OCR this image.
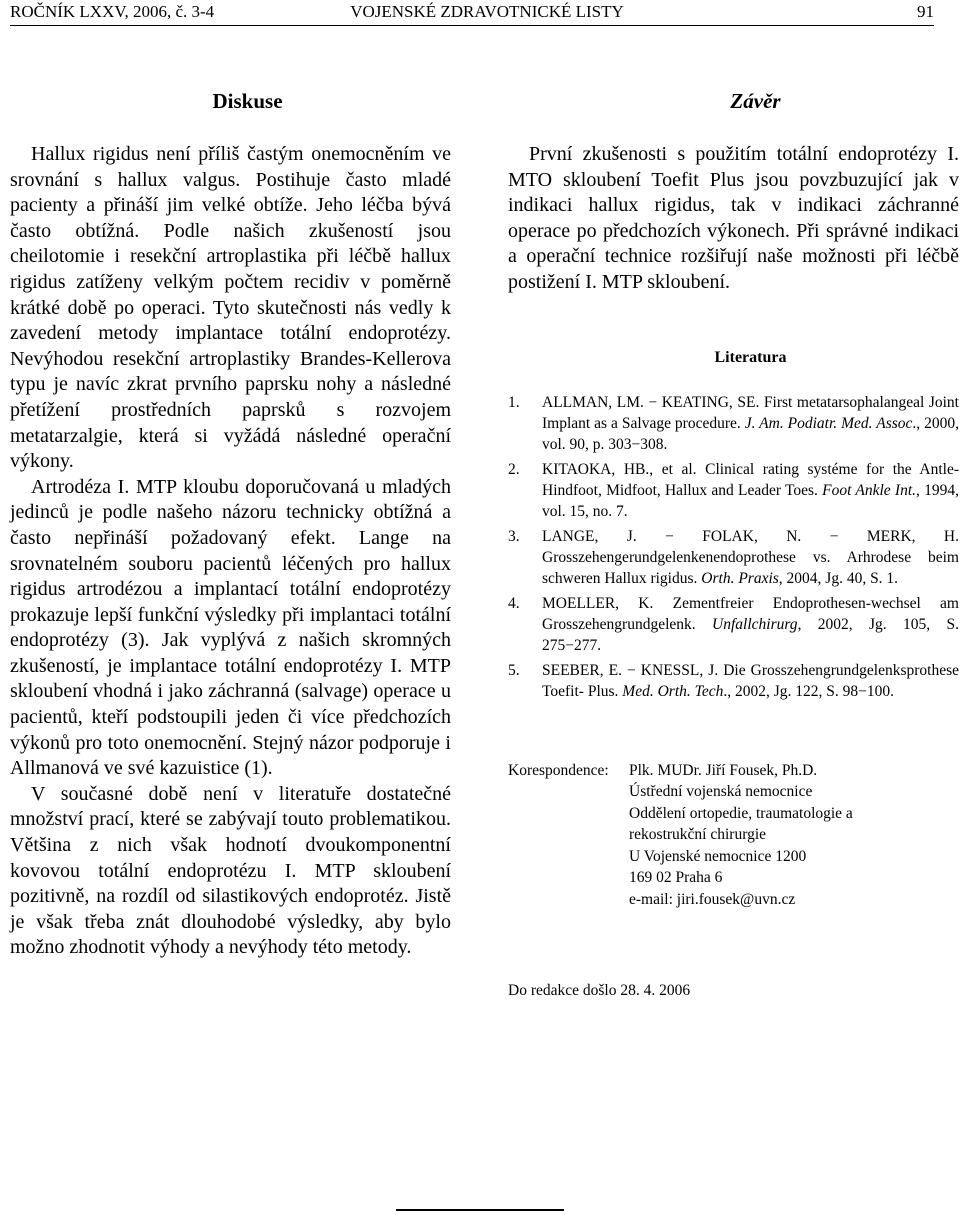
ROČNÍK LXXV, 2006, č. 3-4	VOJENSKÉ ZDRAVOTNICKÉ LISTY	91
Diskuse

Hallux rigidus není příliš častým onemocněním ve srovnání s hallux valgus. Postihuje často mladé pacienty a přináší jim velké obtíže. Jeho léčba bývá často obtížná. Podle našich zkušeností jsou cheilotomie i resekční artroplastika při léčbě hallux rigidus zatíženy velkým počtem recidiv v poměrně krátké době po operaci. Tyto skutečnosti nás vedly k zavedení metody implantace totální endoprotézy. Nevýhodou resekční artroplastiky Brandes-Kellerova typu je navíc zkrat prvního paprsku nohy a následné přetížení prostředních paprsků s rozvojem metatarzalgie, která si vyžádá následné operační výkony.

Artrodéza I. MTP kloubu doporučovaná u mladých jedinců je podle našeho názoru technicky obtížná a často nepřináší požadovaný efekt. Lange na srovnatelném souboru pacientů léčených pro hallux rigidus artrodézou a implantací totální endoprotézy prokazuje lepší funkční výsledky při implantaci totální endoprotézy (3). Jak vyplývá z našich skromných zkušeností, je implantace totální endoprotézy I. MTP skloubení vhodná i jako záchranná (salvage) operace u pacientů, kteří podstoupili jeden či více předchozích výkonů pro toto onemocnění. Stejný názor podporuje i Allmanová ve své kazuistice (1).

V současné době není v literatuře dostatečné množství prací, které se zabývají touto problematikou. Většina z nich však hodnotí dvoukomponentní kovovou totální endoprotézu I. MTP skloubení pozitivně, na rozdíl od silastikových endoprotéz. Jistě je však třeba znát dlouhodobé výsledky, aby bylo možno zhodnotit výhody a nevýhody této metody.

Závěr

První zkušenosti s použitím totální endoprotézy I. MTO skloubení Toefit Plus jsou povzbuzující jak v indikaci hallux rigidus, tak v indikaci záchranné operace po předchozích výkonech. Při správné indikaci a operační technice rozšiřují naše možnosti při léčbě postižení I. MTP skloubení.

Literatura
1.	ALLMAN, LM. − KEATING, SE. First metatarsophalangeal Joint Implant as a Salvage procedure. J. Am. Podiatr. Med. Assoc., 2000, vol. 90, p. 303−308.
2.	KITAOKA, HB., et al. Clinical rating systéme for the Antle- Hindfoot, Midfoot, Hallux and Leader Toes. Foot Ankle Int., 1994, vol. 15, no. 7.
3.	LANGE, J. − FOLAK, N. − MERK, H. Grosszehengerundgelenkenendoprothese vs. Arhrodese beim schweren Hallux rigidus. Orth. Praxis, 2004, Jg. 40, S. 1.
4.	MOELLER, K. Zementfreier Endoprothesen-wechsel am Grosszehengrundgelenk. Unfallchirurg, 2002, Jg. 105, S. 275−277.
5.	SEEBER, E. − KNESSL, J. Die Grosszehengrundgelenksprothese Toefit- Plus. Med. Orth. Tech., 2002, Jg. 122, S. 98−100.
Korespondence:	Plk. MUDr. Jiří Fousek, Ph.D.
Ústřední vojenská nemocnice
Oddělení ortopedie, traumatologie a
rekostrukční chirurgie
U Vojenské nemocnice 1200
169 02 Praha 6
e-mail: jiri.fousek@uvn.cz
Do redakce došlo 28. 4. 2006
